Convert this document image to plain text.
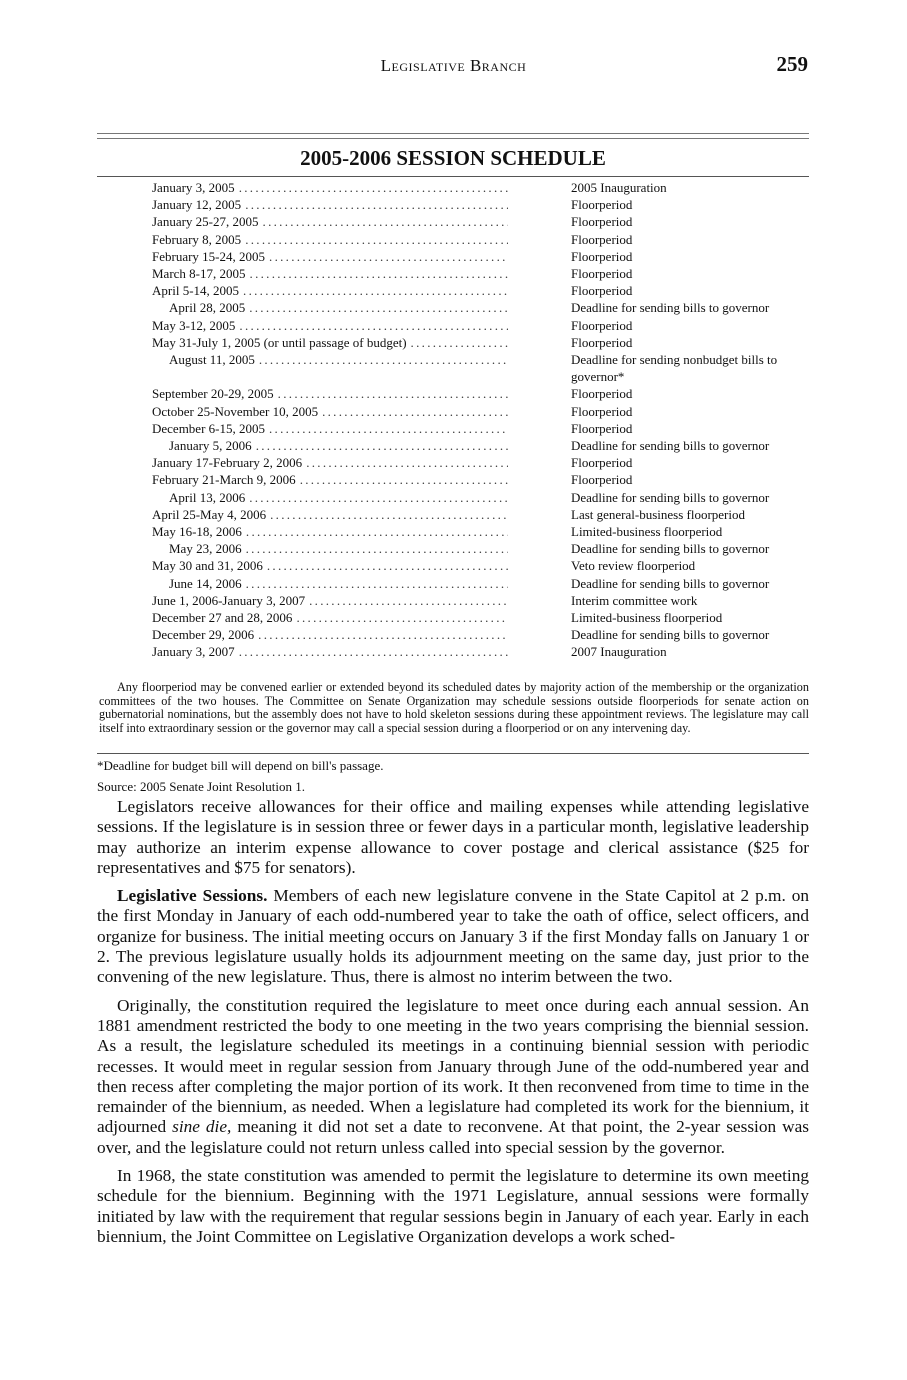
Legislative Branch	259
2005-2006 SESSION SCHEDULE
January 3, 2005 .....	2005 Inauguration
January 12, 2005 .....	Floorperiod
January 25-27, 2005 .....	Floorperiod
February 8, 2005 .....	Floorperiod
February 15-24, 2005 .....	Floorperiod
March 8-17, 2005 .....	Floorperiod
April 5-14, 2005 .....	Floorperiod
April 28, 2005 .....	Deadline for sending bills to governor
May 3-12, 2005 .....	Floorperiod
May 31-July 1, 2005 (or until passage of budget) .....	Floorperiod
August 11, 2005 .....	Deadline for sending nonbudget bills to governor*
September 20-29, 2005 .....	Floorperiod
October 25-November 10, 2005 .....	Floorperiod
December 6-15, 2005 .....	Floorperiod
January 5, 2006 .....	Deadline for sending bills to governor
January 17-February 2, 2006 .....	Floorperiod
February 21-March 9, 2006 .....	Floorperiod
April 13, 2006 .....	Deadline for sending bills to governor
April 25-May 4, 2006 .....	Last general-business floorperiod
May 16-18, 2006 .....	Limited-business floorperiod
May 23, 2006 .....	Deadline for sending bills to governor
May 30 and 31, 2006 .....	Veto review floorperiod
June 14, 2006 .....	Deadline for sending bills to governor
June 1, 2006-January 3, 2007 .....	Interim committee work
December 27 and 28, 2006 .....	Limited-business floorperiod
December 29, 2006 .....	Deadline for sending bills to governor
January 3, 2007 .....	2007 Inauguration
Any floorperiod may be convened earlier or extended beyond its scheduled dates by majority action of the membership or the organization committees of the two houses. The Committee on Senate Organization may schedule sessions outside floorperiods for senate action on gubernatorial nominations, but the assembly does not have to hold skeleton sessions during these appointment reviews. The legislature may call itself into extraordinary session or the governor may call a special session during a floorperiod or on any intervening day.
*Deadline for budget bill will depend on bill's passage.
Source: 2005 Senate Joint Resolution 1.

Legislators receive allowances for their office and mailing expenses while attending legislative sessions. If the legislature is in session three or fewer days in a particular month, legislative leadership may authorize an interim expense allowance to cover postage and clerical assistance ($25 for representatives and $75 for senators).

Legislative Sessions. Members of each new legislature convene in the State Capitol at 2 p.m. on the first Monday in January of each odd-numbered year to take the oath of office, select officers, and organize for business. The initial meeting occurs on January 3 if the first Monday falls on January 1 or 2. The previous legislature usually holds its adjournment meeting on the same day, just prior to the convening of the new legislature. Thus, there is almost no interim between the two.

Originally, the constitution required the legislature to meet once during each annual session. An 1881 amendment restricted the body to one meeting in the two years comprising the biennial session. As a result, the legislature scheduled its meetings in a continuing biennial session with periodic recesses. It would meet in regular session from January through June of the odd-numbered year and then recess after completing the major portion of its work. It then reconvened from time to time in the remainder of the biennium, as needed. When a legislature had completed its work for the biennium, it adjourned sine die, meaning it did not set a date to reconvene. At that point, the 2-year session was over, and the legislature could not return unless called into special session by the governor.

In 1968, the state constitution was amended to permit the legislature to determine its own meeting schedule for the biennium. Beginning with the 1971 Legislature, annual sessions were formally initiated by law with the requirement that regular sessions begin in January of each year. Early in each biennium, the Joint Committee on Legislative Organization develops a work sched-
